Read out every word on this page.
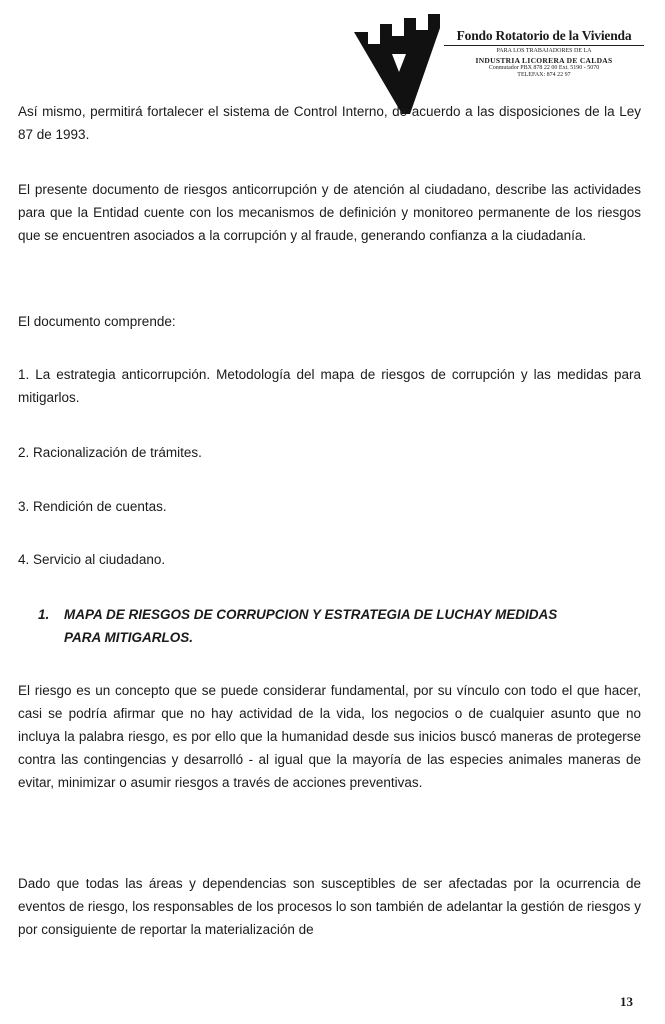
Fondo Rotatorio de la Vivienda
PARA LOS TRABAJADORES DE LA
INDUSTRIA LICORERA DE CALDAS
Conmutador PBX 878 22 00 Ext. 5190 - 5070
TELEFAX: 874 22 97

Así mismo, permitirá fortalecer el sistema de Control Interno, de acuerdo a las disposiciones de la Ley 87 de 1993.

El presente documento de riesgos anticorrupción y de atención al ciudadano, describe las actividades para que la Entidad cuente con los mecanismos de definición y monitoreo permanente de los riesgos que se encuentren asociados a la corrupción y al fraude, generando confianza a la ciudadanía.

El documento comprende:

1. La estrategia anticorrupción. Metodología del mapa de riesgos de corrupción y las medidas para mitigarlos.

2. Racionalización de trámites.

3. Rendición de cuentas.

4. Servicio al ciudadano.

1. MAPA DE RIESGOS DE CORRUPCION Y ESTRATEGIA DE LUCHAY MEDIDAS
PARA MITIGARLOS.

El riesgo es un concepto que se puede considerar fundamental, por su vínculo con todo el que hacer, casi se podría afirmar que no hay actividad de la vida, los negocios o de cualquier asunto que no incluya la palabra riesgo, es por ello que la humanidad desde sus inicios buscó maneras de protegerse contra las contingencias y desarrolló - al igual que la mayoría de las especies animales maneras de evitar, minimizar o asumir riesgos a través de acciones preventivas.

Dado que todas las áreas y dependencias son susceptibles de ser afectadas por la ocurrencia de eventos de riesgo, los responsables de los procesos lo son también de adelantar la gestión de riesgos y por consiguiente de reportar la materialización de

13
